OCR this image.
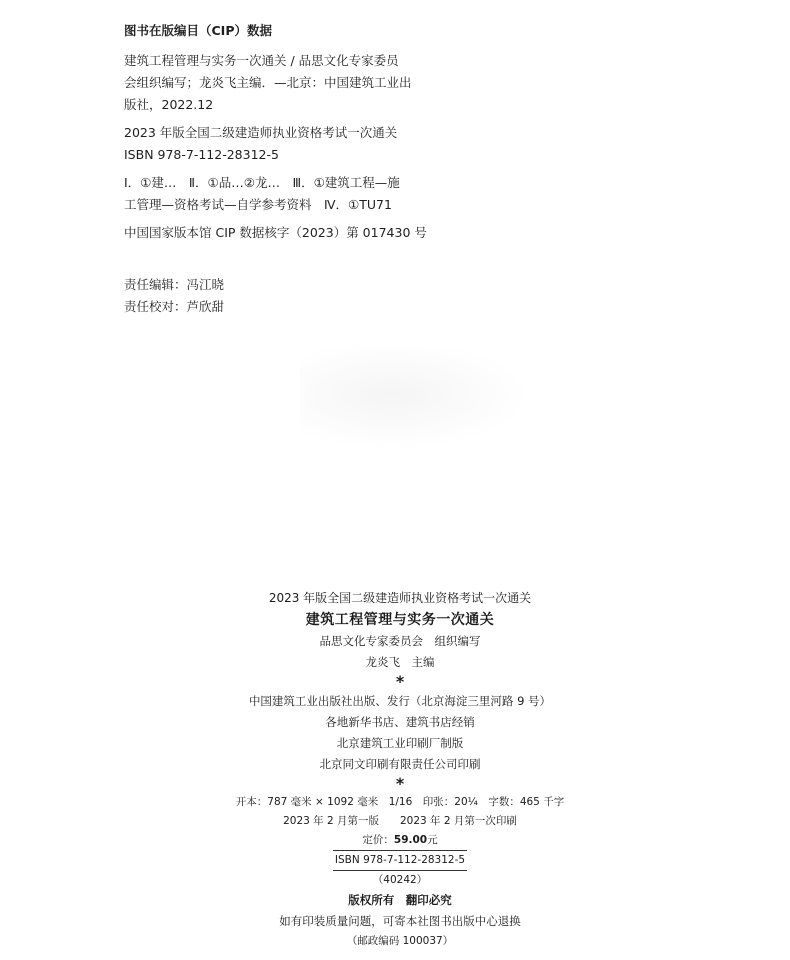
图书在版编目（CIP）数据
建筑工程管理与实务一次通关 / 品思文化专家委员
会组织编写；龙炎飞主编．—北京：中国建筑工业出
版社，2022.12
2023 年版全国二级建造师执业资格考试一次通关
ISBN 978-7-112-28312-5
Ⅰ．①建…　Ⅱ．①品…②龙…　Ⅲ．①建筑工程—施
工管理—资格考试—自学参考资料　Ⅳ．①TU71
中国国家版本馆 CIP 数据核字（2023）第 017430 号
责任编辑：冯江晓
责任校对：芦欣甜
2023 年版全国二级建造师执业资格考试一次通关
建筑工程管理与实务一次通关
品思文化专家委员会　组织编写
龙炎飞　主编
*
中国建筑工业出版社出版、发行（北京海淀三里河路 9 号）
各地新华书店、建筑书店经销
北京建筑工业印刷厂制版
北京同文印刷有限责任公司印刷
*
开本：787 毫米 × 1092 毫米　1/16　印张：20¼　字数：465 千字
2023 年 2 月第一版　　2023 年 2 月第一次印刷
定价：59.00元
ISBN 978-7-112-28312-5
（40242）
版权所有　翻印必究
如有印装质量问题，可寄本社图书出版中心退换
（邮政编码 100037）
